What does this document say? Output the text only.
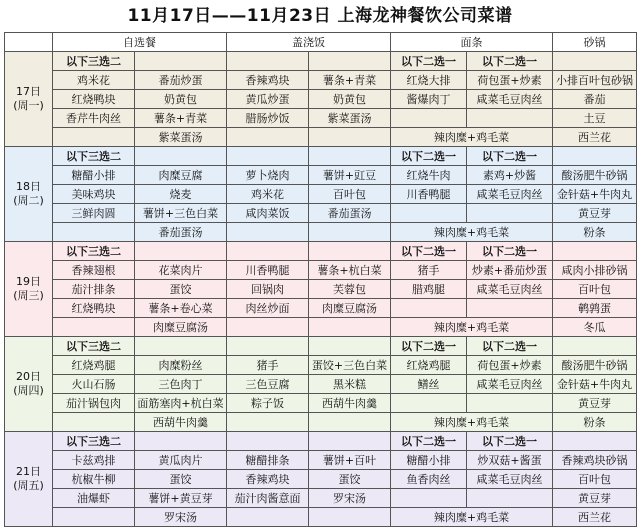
11月17日——11月23日 上海龙神餐饮公司菜谱
	自选餐		盖浇饭		面条		砂锅
17日
(周一)	以下三选二				以下二选一	以下二选一	
	鸡米花	番茄炒蛋	香辣鸡块	薯条+青菜	红烧大排	荷包蛋+炒素	小排百叶包砂锅
	红烧鸭块	奶黄包	黄瓜炒蛋	奶黄包	酱爆肉丁	咸菜毛豆肉丝	番茄
	香芹牛肉丝	薯条+青菜	腊肠炒饭	紫菜蛋汤			土豆
		紫菜蛋汤			辣肉糜+鸡毛菜		西兰花
18日
(周二)	以下三选二				以下二选一	以下二选一	
	糖醋小排	肉糜豆腐	萝卜烧肉	薯饼+豇豆	红烧牛肉	素鸡+炒酱	酸汤肥牛砂锅
	美味鸡块	烧麦	鸡米花	百叶包	川香鸭腿	咸菜毛豆肉丝	金针菇+牛肉丸
	三鲜肉圆	薯饼+三色白菜	咸肉菜饭	番茄蛋汤			黄豆芽
		番茄蛋汤			辣肉糜+鸡毛菜		粉条
19日
(周三)	以下三选二				以下二选一	以下二选一	
	香辣翅根	花菜肉片	川香鸭腿	薯条+杭白菜	猪手	炒素+番茄炒蛋	咸肉小排砂锅
	茄汁排条	蛋饺	回锅肉	芙蓉包	腊鸡腿	咸菜毛豆肉丝	百叶包
	红烧鸭块	薯条+卷心菜	肉丝炒面	肉糜豆腐汤			鹌鹑蛋
		肉糜豆腐汤			辣肉糜+鸡毛菜		冬瓜
20日
(周四)	以下三选二				以下二选一	以下二选一	
	红烧鸡腿	肉糜粉丝	猪手	蛋饺+三色白菜	红烧鸡腿	荷包蛋+炒素	酸汤肥牛砂锅
	火山石肠	三色肉丁	三色豆腐	黑米糕	鳝丝	咸菜毛豆肉丝	金针菇+牛肉丸
	茄汁锅包肉	面筋塞肉+杭白菜	粽子饭	西葫牛肉羹			黄豆芽
		西葫牛肉羹			辣肉糜+鸡毛菜		粉条
21日
(周五)	以下三选二				以下二选一	以下二选一	
	卡兹鸡排	黄瓜肉片	糖醋排条	薯饼+百叶	糖醋小排	炒双菇+酱蛋	香辣鸡块砂锅
	杭椒牛柳	蛋饺	香辣鸡块	蛋饺	鱼香肉丝	咸菜毛豆肉丝	百叶包
	油爆虾	薯饼+黄豆芽	茄汁肉酱意面	罗宋汤			黄豆芽
		罗宋汤			辣肉糜+鸡毛菜		西兰花
